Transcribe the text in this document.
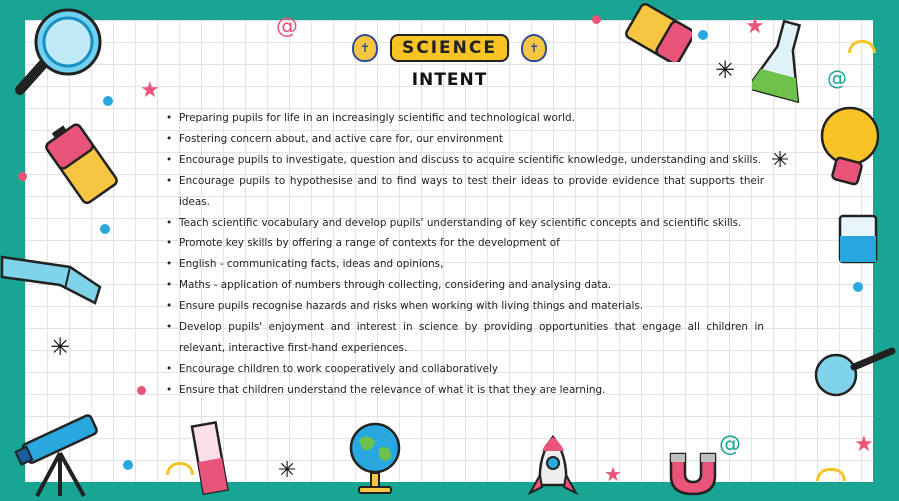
★
★
★
★
✳
✳
✳
✳
@
@
@
✝	SCIENCE	✝
INTENT
• Preparing pupils for life in an increasingly scientific and technological world.
• Fostering concern about, and active care for, our environment
• Encourage pupils to investigate, question and discuss to acquire scientific knowledge, understanding and skills.
• Encourage pupils to hypothesise and to find ways to test their ideas to provide evidence that supports their ideas.
• Teach scientific vocabulary and develop pupils' understanding of key scientific concepts and scientific skills.
• Promote key skills by offering a range of contexts for the development of
• English - communicating facts, ideas and opinions,
• Maths - application of numbers through collecting, considering and analysing data.
• Ensure pupils recognise hazards and risks when working with living things and materials.
• Develop pupils' enjoyment and interest in science by providing opportunities that engage all children in relevant, interactive first-hand experiences.
• Encourage children to work cooperatively and collaboratively
• Ensure that children understand the relevance of what it is that they are learning.
